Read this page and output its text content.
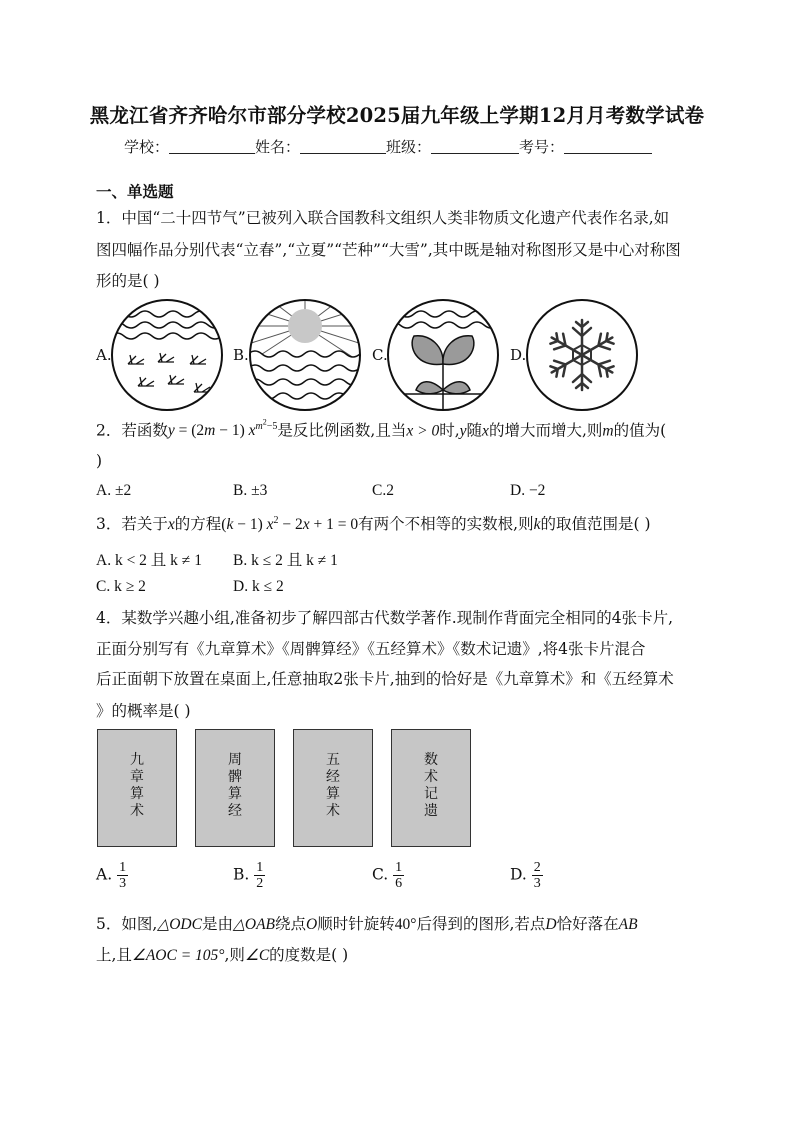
黑龙江省齐齐哈尔市部分学校2025届九年级上学期12月月考数学试卷
学校：	姓名：	班级：	考号：
一、单选题
1．中国“二十四节气”已被列入联合国教科文组织人类非物质文化遗产代表作名录,如
图四幅作品分别代表“立春”,“立夏”“芒种”“大雪”,其中既是轴对称图形又是中心对称图
形的是( )
A.	B.	C.	D.
2．若函数y = (2m − 1) $x^{m^2-5}$是反比例函数,且当x > 0时,y随x的增大而增大,则m的值为(
)
A. ±2	B. ±3	C.2	D. −2
3．若关于x的方程(k − 1) $x^2 - 2x + 1 = 0$有两个不相等的实数根,则k的取值范围是( )
A. k < 2 且 k ≠ 1 B. k ≤ 2 且 k ≠ 1
C. k ≥ 2	D. k ≤ 2
4．某数学兴趣小组,准备初步了解四部古代数学著作.现制作背面完全相同的4张卡片,
正面分别写有《九章算术》《周髀算经》《五经算术》《数术记遗》,将4张卡片混合
后正面朝下放置在桌面上,任意抽取2张卡片,抽到的恰好是《九章算术》和《五经算术
》的概率是( )
九
章
算
术
周
髀
算
经
五
经
算
术
数
术
记
遗
A. $\frac{1}{3}$	B. $\frac{1}{2}$	C. $\frac{1}{6}$	D. $\frac{2}{3}$
5．如图,△ODC是由△OAB绕点O顺时针旋转40°后得到的图形,若点D恰好落在AB
上,且∠AOC = 105°,则∠C的度数是( )
